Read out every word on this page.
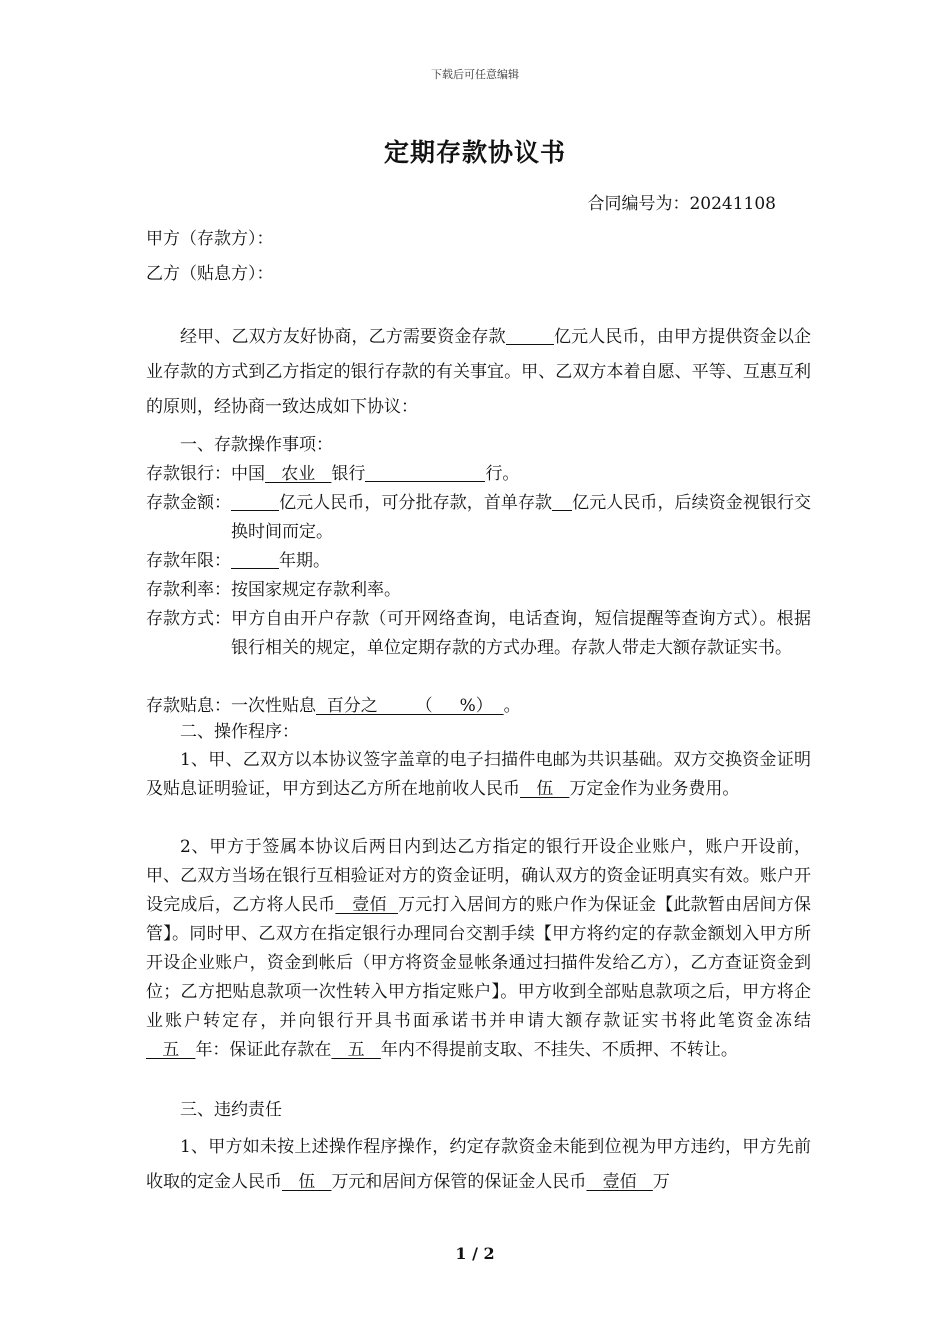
下载后可任意编辑
定期存款协议书
合同编号为：20241108
甲方（存款方）：
乙方（贴息方）：
经甲、乙双方友好协商，乙方需要资金存款	亿元人民币，由甲方提供资金以企业存款的方式到乙方指定的银行存款的有关事宜。甲、乙双方本着自愿、平等、互惠互利的原则，经协商一致达成如下协议：
一、存款操作事项：
存款银行： 中国   农业   银行	行。
存款金额：	亿元人民币，可分批存款，首单存款 亿元人民币，后续资金视银行交换时间而定。
存款年限：	年期。
存款利率： 按国家规定存款利率。
存款方式： 甲方自由开户存款（可开网络查询，电话查询，短信提醒等查询方式）。根据银行相关的规定，单位定期存款的方式办理。存款人带走大额存款证实书。
存款贴息： 一次性贴息  百分之       （     %）  。
二、操作程序：
1、甲、乙双方以本协议签字盖章的电子扫描件电邮为共识基础。双方交换资金证明及贴息证明验证，甲方到达乙方所在地前收人民币   伍   万定金作为业务费用。
2、甲方于签属本协议后两日内到达乙方指定的银行开设企业账户，账户开设前，甲、乙双方当场在银行互相验证对方的资金证明，确认双方的资金证明真实有效。账户开设完成后，乙方将人民币   壹佰  万元打入居间方的账户作为保证金【此款暂由居间方保管】。同时甲、乙双方在指定银行办理同台交割手续【甲方将约定的存款金额划入甲方所开设企业账户，资金到帐后（甲方将资金显帐条通过扫描件发给乙方），乙方查证资金到位；乙方把贴息款项一次性转入甲方指定账户】。甲方收到全部贴息款项之后，甲方将企业账户转定存，并向银行开具书面承诺书并申请大额存款证实书将此笔资金冻结   五   年：保证此存款在   五   年内不得提前支取、不挂失、不质押、不转让。
三、违约责任
1、甲方如未按上述操作程序操作，约定存款资金未能到位视为甲方违约，甲方先前收取的定金人民币   伍   万元和居间方保管的保证金人民币   壹佰   万
1 / 2
